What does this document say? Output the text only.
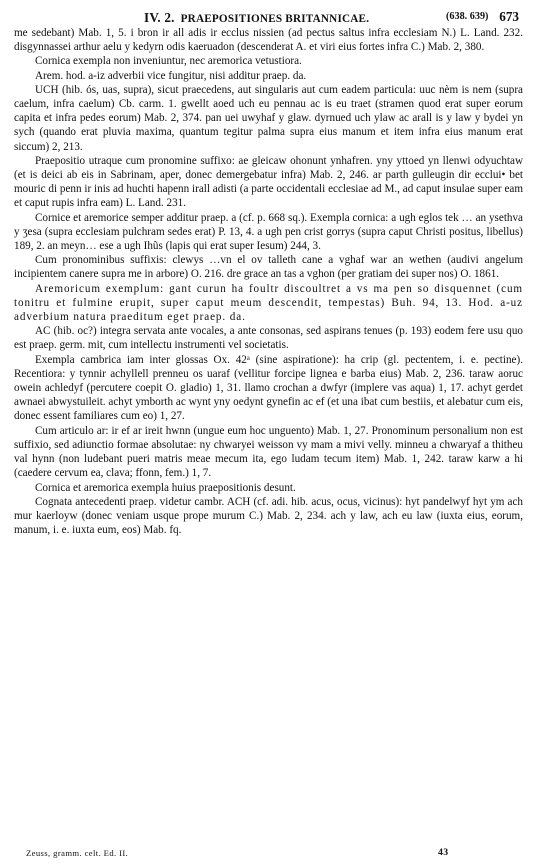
IV. 2. PRAEPOSITIONES BRITANNICAE.	(638. 639) 673

me sedebant) Mab. 1, 5. i bron ir all adis ir ecclus nissien (ad pectus saltus infra ecclesiam N.) L. Land. 232. disgynnassei arthur aelu y kedyrn odis kaeruadon (descenderat A. et viri eius fortes infra C.) Mab. 2, 380.

Cornica exempla non inveniuntur, nec aremorica vetustiora.

Arem. hod. a-iz adverbii vice fungitur, nisi additur praep. da.

UCH (hib. ós, uas, supra), sicut praecedens, aut singularis aut cum eadem particula: uuc nèm is nem (supra caelum, infra caelum) Cb. carm. 1. gwellt aoed uch eu pennau ac is eu traet (stramen quod erat super eorum capita et infra pedes eorum) Mab. 2, 374. pan uei uwyhaf y glaw. dyrnued uch ylaw ac arall is y law y bydei yn sych (quando erat pluvia maxima, quantum tegitur palma supra eius manum et item infra eius manum erat siccum) 2, 213.

Praepositio utraque cum pronomine suffixo: ae gleicaw ohonunt ynhafren. yny yttoed yn llenwi odyuchtaw (et is deici ab eis in Sabrinam, aper, donec demergebatur infra) Mab. 2, 246. ar parth gulleugin dir ecclui• bet mouric di penn ir inis ad huchti hapenn irall adisti (a parte occidentali ecclesiae ad M., ad caput insulae super eam et caput rupis infra eam) L. Land. 231.

Cornice et aremorice semper additur praep. a (cf. p. 668 sq.). Exempla cornica: a ugh eglos tek … an ysethva y ʒesa (supra ecclesiam pulchram sedes erat) P. 13, 4. a ugh pen crist gorrys (supra caput Christi positus, libellus) 189, 2. an meyn… ese a ugh Ihũs (lapis qui erat super Iesum) 244, 3.

Cum pronominibus suffixis: clewys …vn el ov talleth cane a vghaf war an wethen (audivi angelum incipientem canere supra me in arbore) O. 216. dre grace an tas a vghon (per gratiam dei super nos) O. 1861.

Aremoricum exemplum: gant curun ha foultr discoultret a vs ma pen so disquennet (cum tonitru et fulmine erupit, super caput meum descendit, tempestas) Buh. 94, 13. Hod. a-uz adverbium natura praeditum eget praep. da.

AC (hib. oc?) integra servata ante vocales, a ante consonas, sed aspirans tenues (p. 193) eodem fere usu quo est praep. germ. mit, cum intellectu instrumenti vel societatis.

Exempla cambrica iam inter glossas Ox. 42ᵃ (sine aspiratione): ha crip (gl. pectentem, i. e. pectine). Recentiora: y tynnir achyllell prenneu os uaraf (vellitur forcipe lignea e barba eius) Mab. 2, 236. taraw aoruc owein achledyf (percutere coepit O. gladio) 1, 31. llamo crochan a dwfyr (implere vas aqua) 1, 17. achyt gerdet awnaei abwystuileit. achyt ymborth ac wynt yny oedynt gynefin ac ef (et una ibat cum bestiis, et alebatur cum eis, donec essent familiares cum eo) 1, 27.

Cum articulo ar: ir ef ar ireit hwnn (ungue eum hoc unguento) Mab. 1, 27. Pronominum personalium non est suffixio, sed adiunctio formae absolutae: ny chwaryei weisson vy mam a mivi velly. minneu a chwaryaf a thitheu val hynn (non ludebant pueri matris meae mecum ita, ego ludam tecum item) Mab. 1, 242. taraw karw a hi (caedere cervum ea, clava; ffonn, fem.) 1, 7.

Cornica et aremorica exempla huius praepositionis desunt.

Cognata antecedenti praep. videtur cambr. ACH (cf. adi. hib. acus, ocus, vicinus): hyt pandelwyf hyt ym ach mur kaerloyw (donec veniam usque prope murum C.) Mab. 2, 234. ach y law, ach eu law (iuxta eius, eorum, manum, i. e. iuxta eum, eos) Mab. fq.

Zeuss, gramm. celt. Ed. II.	43
